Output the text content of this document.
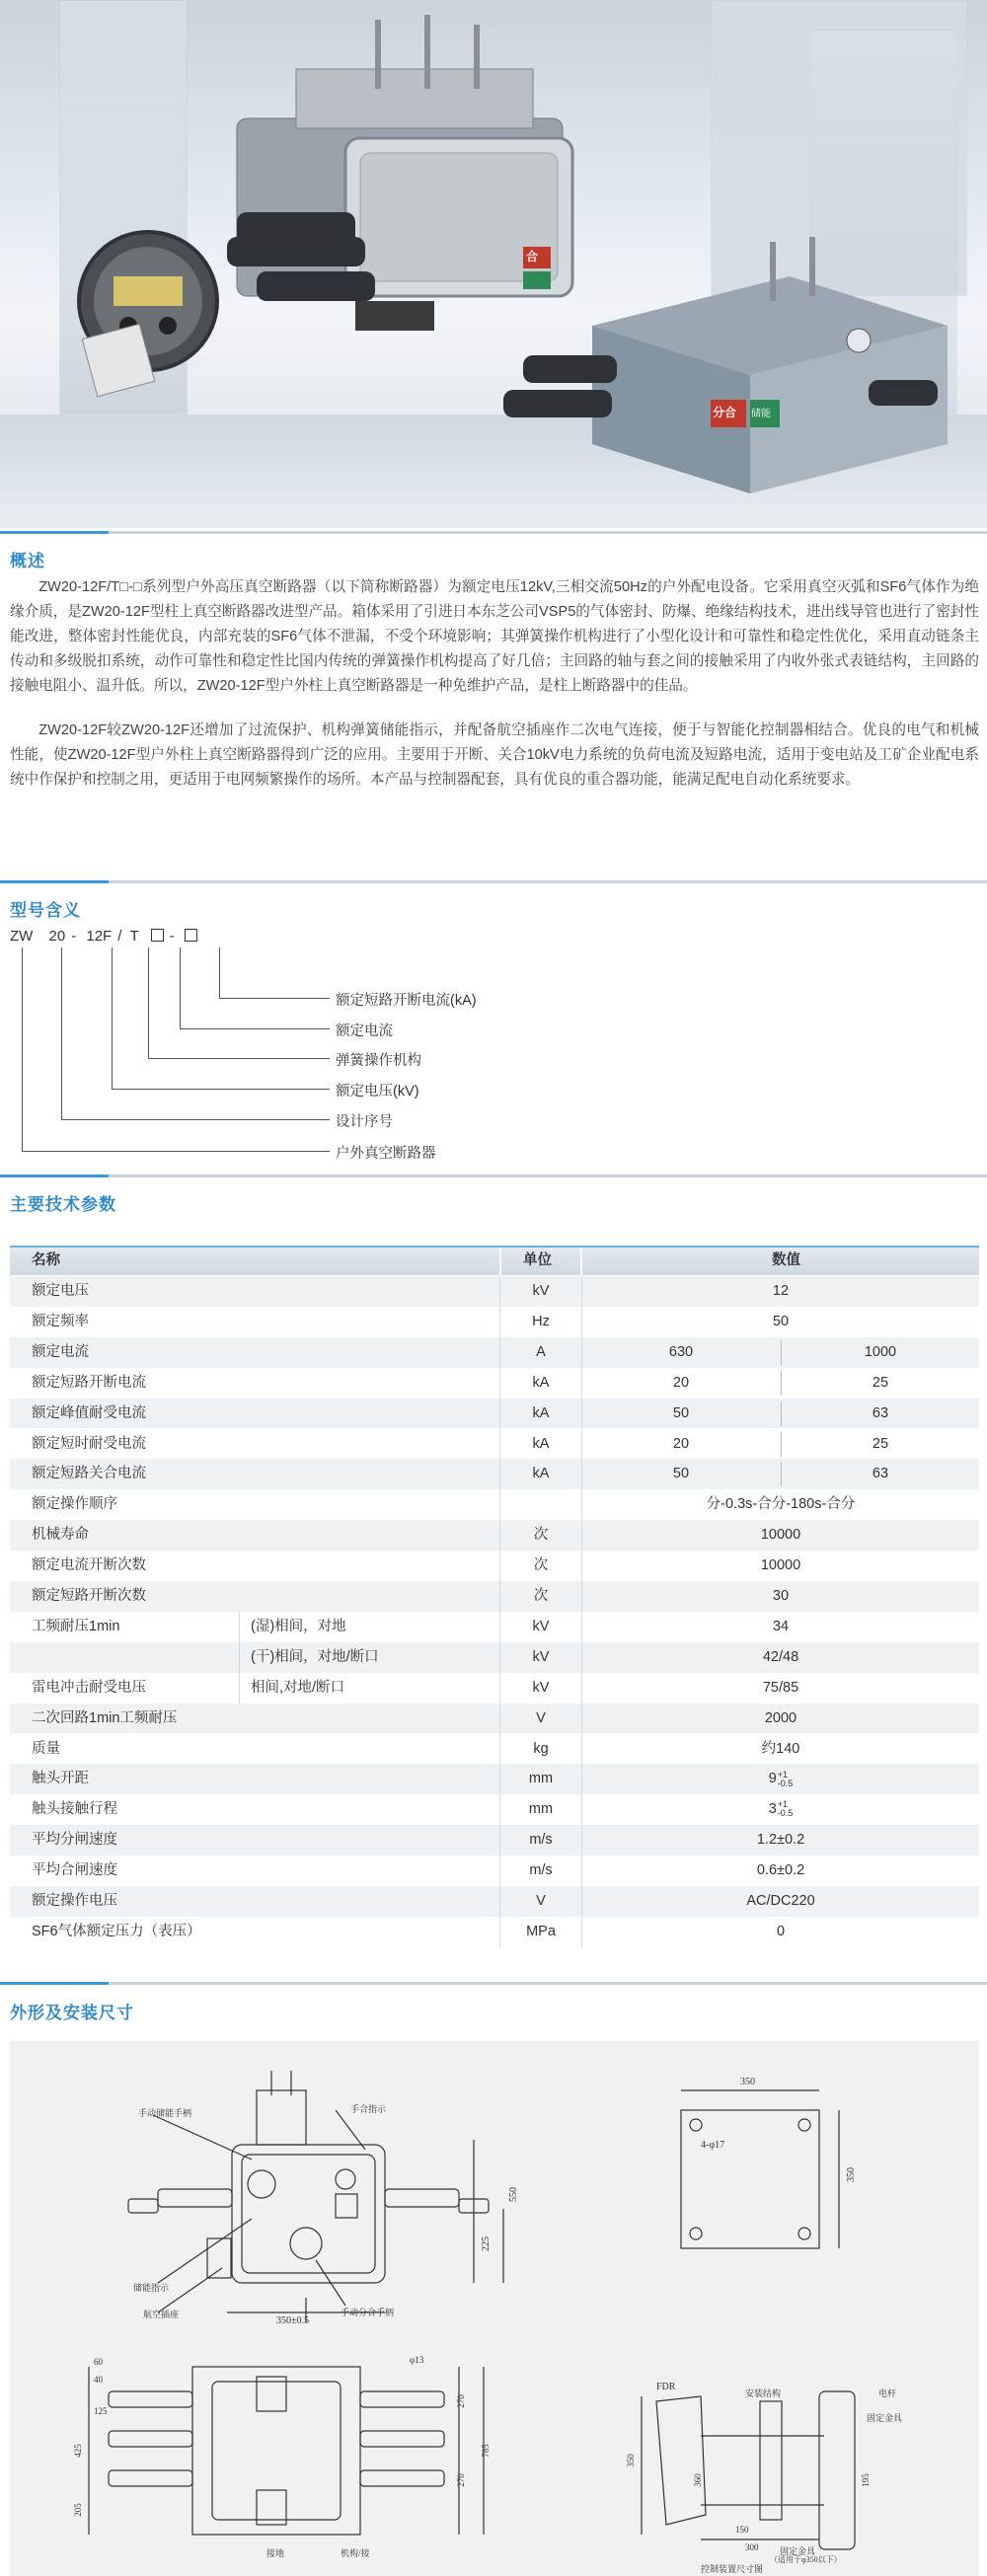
合
分合 储能
概述
ZW20-12F/T□-□系列型户外高压真空断路器（以下简称断路器）为额定电压12kV,三相交流50Hz的户外配电设备。它采用真空灭弧和SF6气体作为绝缘介质，是ZW20-12F型柱上真空断路器改进型产品。箱体采用了引进日本东芝公司VSP5的气体密封、防爆、绝缘结构技术，进出线导管也进行了密封性能改进，整体密封性能优良，内部充装的SF6气体不泄漏，不受个环境影响；其弹簧操作机构进行了小型化设计和可靠性和稳定性优化，采用直动链条主传动和多级脱扣系统，动作可靠性和稳定性比国内传统的弹簧操作机构提高了好几倍；主回路的轴与套之间的接触采用了内收外张式表链结构，主回路的接触电阻小、温升低。所以，ZW20-12F型户外柱上真空断路器是一种免维护产品，是柱上断路器中的佳品。
ZW20-12F较ZW20-12F还增加了过流保护、机构弹簧储能指示，并配备航空插座作二次电气连接，便于与智能化控制器相结合。优良的电气和机械性能，使ZW20-12F型户外柱上真空断路器得到广泛的应用。主要用于开断、关合10kV电力系统的负荷电流及短路电流，适用于变电站及工矿企业配电系统中作保护和控制之用，更适用于电网频繁操作的场所。本产品与控制器配套，具有优良的重合器功能，能满足配电自动化系统要求。
型号含义
ZW 20 - 12F / T -
额定短路开断电流(kA)
额定电流
弹簧操作机构
额定电压(kV)
设计序号
户外真空断路器
主要技术参数
名称	单位	数值
额定电压	kV	12
额定频率	Hz	50
额定电流	A	630	1000
额定短路开断电流	kA	20	25
额定峰值耐受电流	kA	50	63
额定短时耐受电流	kA	20	25
额定短路关合电流	kA	50	63
额定操作顺序	分-0.3s-合分-180s-合分
机械寿命	次	10000
额定电流开断次数	次	10000
额定短路开断次数	次	30
工频耐压1min	(湿)相间，对地	kV	34
(干)相间，对地/断口	kV	42/48
雷电冲击耐受电压	相间,对地/断口	kV	75/85
二次回路1min工频耐压	V	2000
质量	kg	约140
触头开距	mm	9 +1
-0.5
触头接触行程	mm	3 +1
-0.5
平均分闸速度	m/s	1.2±0.2
平均合闸速度	m/s	0.6±0.2
额定操作电压	V	AC/DC220
SF6气体额定压力（表压）	MPa	0
外形及安装尺寸
手动储能手柄	手合指示
储能指示
航空插座	手动分合手柄
550
225
350±0.5
350
350
4-φ17
φ13
60
40
125
425
205
270
270
785
接地	机构/接
FDR
安装结构	电杆
固定金具
350
360	195
150
300 固定金具
（适用于φ350以下）
控制装置尺寸图
